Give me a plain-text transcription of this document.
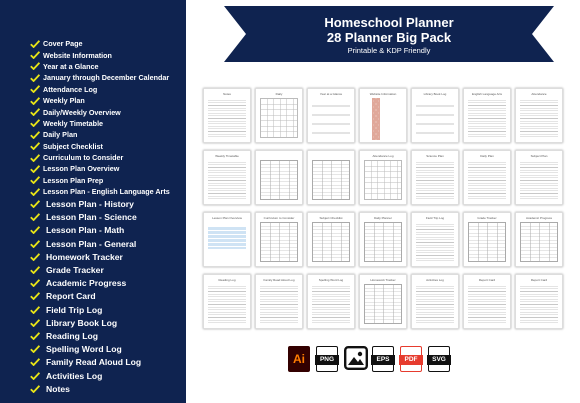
Cover Page
Website Information
Year at a Glance
January through December Calendar
Attendance Log
Weekly Plan
Daily/Weekly Overview
Weekly Timetable
Daily Plan
Subject Checklist
Curriculum to Consider
Lesson Plan Overview
Lesson Plan Prep
Lesson Plan - English Language Arts
Lesson Plan - History
Lesson Plan - Science
Lesson Plan - Math
Lesson Plan - General
Homework Tracker
Grade Tracker
Academic Progress
Report Card
Field Trip Log
Library Book Log
Reading Log
Spelling Word Log
Family Read Aloud Log
Activities Log
Notes
Homeschool Planner
28 Planner Big Pack
Printable & KDP Friendly
Notes	Daily	Year at a Glance	Website Information	Library Book Log	English Language Arts	Attendance
Weekly Timetable	Attendance Log	Science Plan	Daily Plan	Subject Plan
Lesson Plan Overview	Curriculum to Consider	Subject Checklist	Daily Planner	Field Trip Log	Grade Tracker	Academic Progress
Reading Log	Family Read Aloud Log	Spelling Word Log	Homework Tracker	Activities Log	Report Card	Report Card
Ai	PNG	EPS	PDF	SVG
